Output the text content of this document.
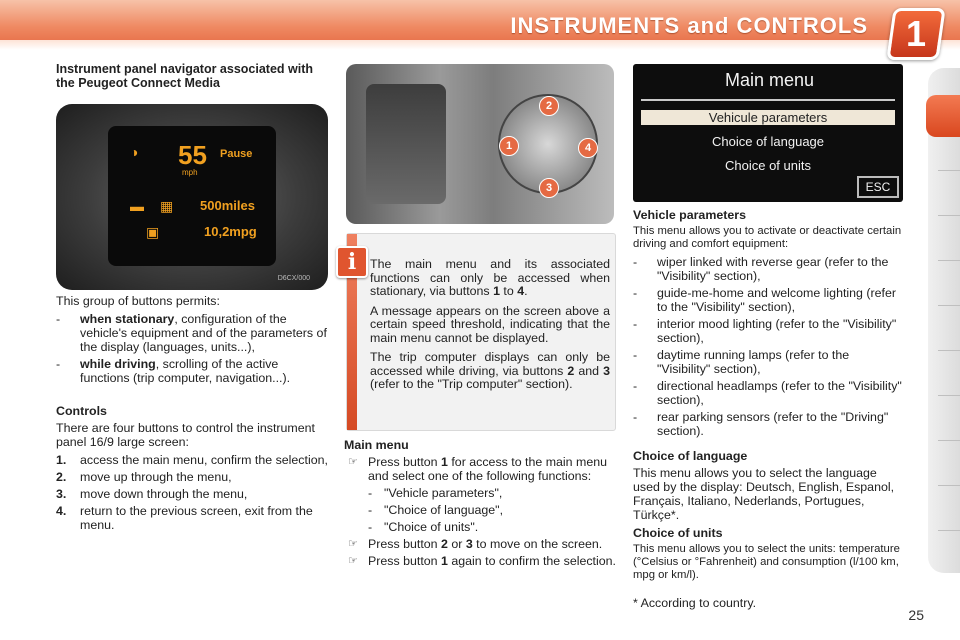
INSTRUMENTS and CONTROLS	1
Instrument panel navigator associated with the Peugeot Connect Media
◑ 55 Pause
mph
▬ ▦ 500miles
▣	10,2mpg
D6CX/000

This group of buttons permits:

- when stationary, configuration of the vehicle's equipment and of the parameters of the display (languages, units...),
- while driving, scrolling of the active functions (trip computer, navigation...).
Controls

There are four buttons to control the instrument panel 16/9 large screen:

1. access the main menu, confirm the selection,
2. move up through the menu,
3. move down through the menu,
4. return to the previous screen, exit from the menu.
2
1	4
3
i	The main menu and its associated functions can only be accessed when stationary, via buttons 1 to 4.

A message appears on the screen above a certain speed threshold, indicating that the main menu cannot be displayed.

The trip computer displays can only be accessed while driving, via buttons 2 and 3 (refer to the "Trip computer" section).

Main menu
☞ Press button 1 for access to the main menu and select one of the following functions:
- "Vehicle parameters",
- "Choice of language",
- "Choice of units".
☞ Press button 2 or 3 to move on the screen.
☞ Press button 1 again to confirm the selection.
Main menu
Vehicule parameters
Choice of language
Choice of units
ESC
Vehicle parameters

This menu allows you to activate or deactivate certain driving and comfort equipment:

- wiper linked with reverse gear (refer to the "Visibility" section),
- guide-me-home and welcome lighting (refer to the "Visibility" section),
- interior mood lighting (refer to the "Visibility" section),
- daytime running lamps (refer to the "Visibility" section),
- directional headlamps (refer to the "Visibility" section),
- rear parking sensors (refer to the "Driving" section).
Choice of language

This menu allows you to select the language used by the display: Deutsch, English, Espanol, Français, Italiano, Nederlands, Portugues, Türkçe*.

Choice of units

This menu allows you to select the units: temperature (°Celsius or °Fahrenheit) and consumption (l/100 km, mpg or km/l).

* According to country.

25
